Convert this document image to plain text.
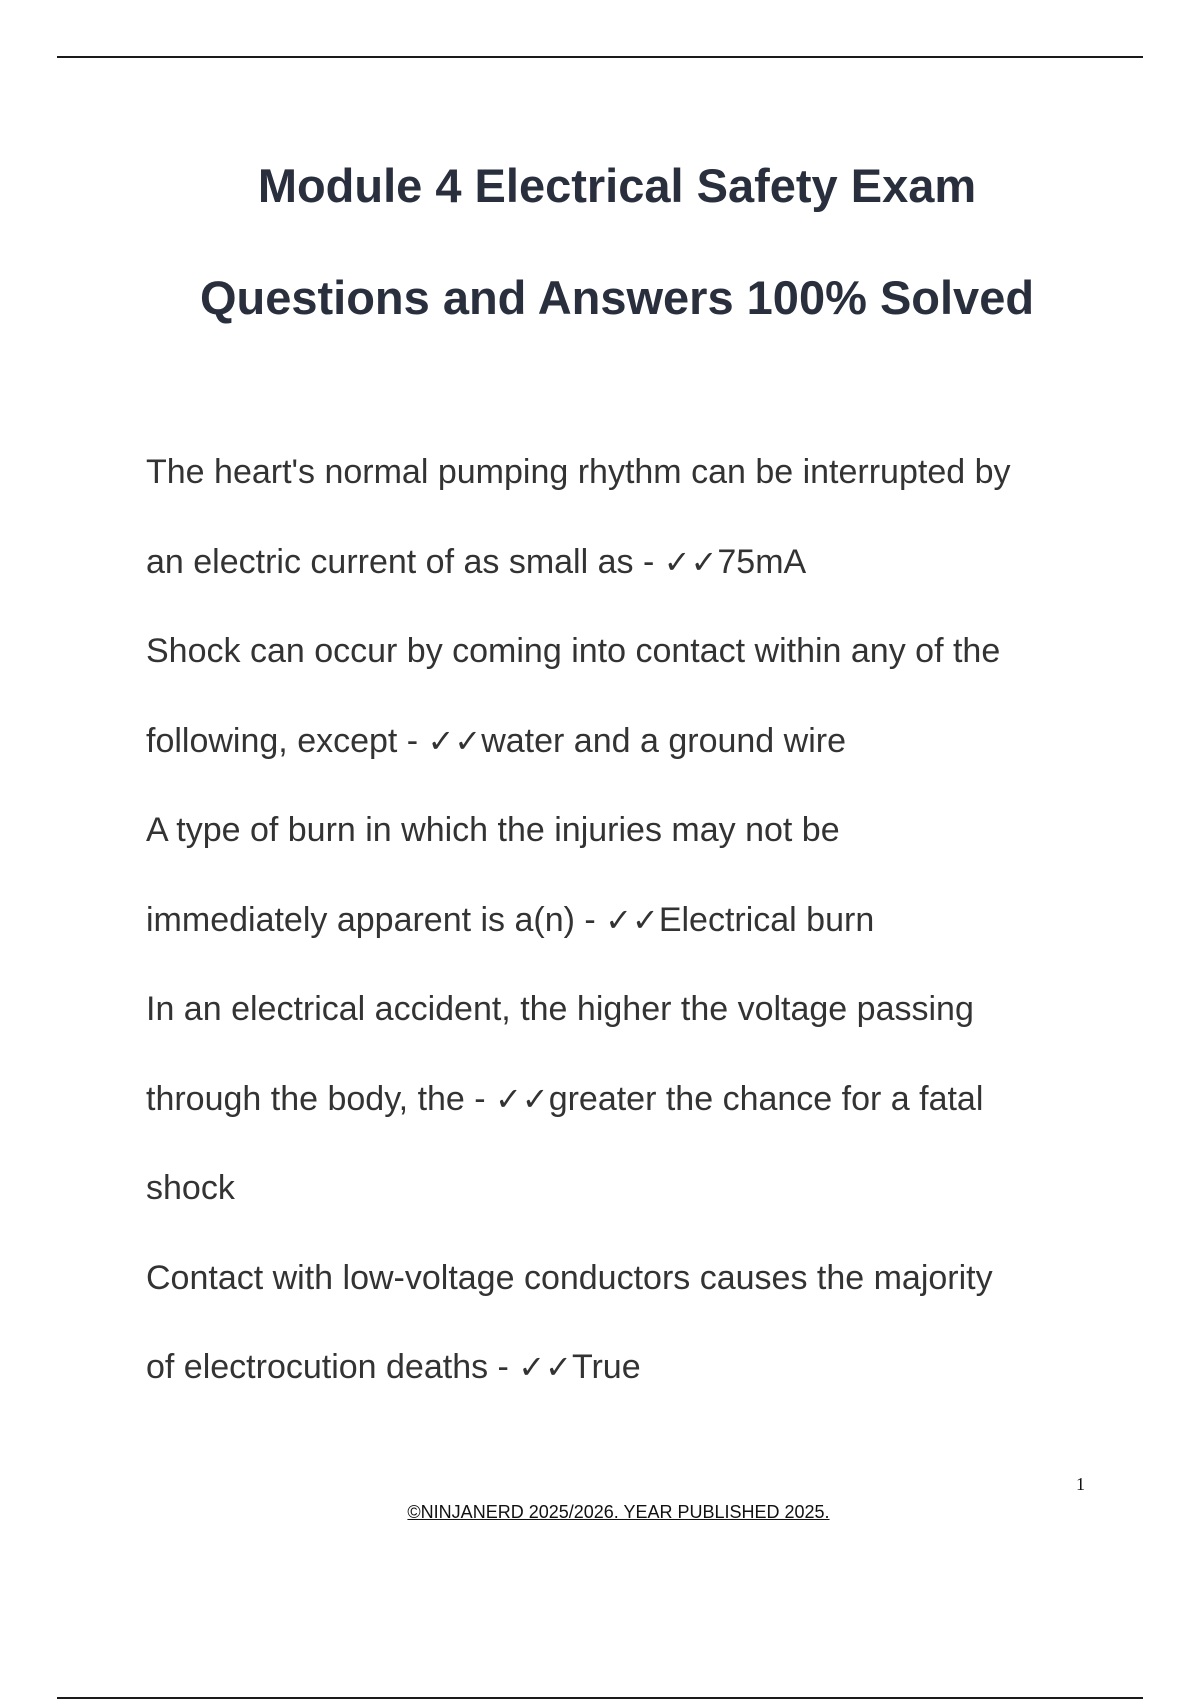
Module 4 Electrical Safety Exam
Questions and Answers 100% Solved
The heart's normal pumping rhythm can be interrupted by
an electric current of as small as - ✓✓75mA
Shock can occur by coming into contact within any of the
following, except - ✓✓water and a ground wire
A type of burn in which the injuries may not be
immediately apparent is a(n) - ✓✓Electrical burn
In an electrical accident, the higher the voltage passing
through the body, the - ✓✓greater the chance for a fatal
shock
Contact with low-voltage conductors causes the majority
of electrocution deaths - ✓✓True
1
©NINJANERD 2025/2026. YEAR PUBLISHED 2025.
